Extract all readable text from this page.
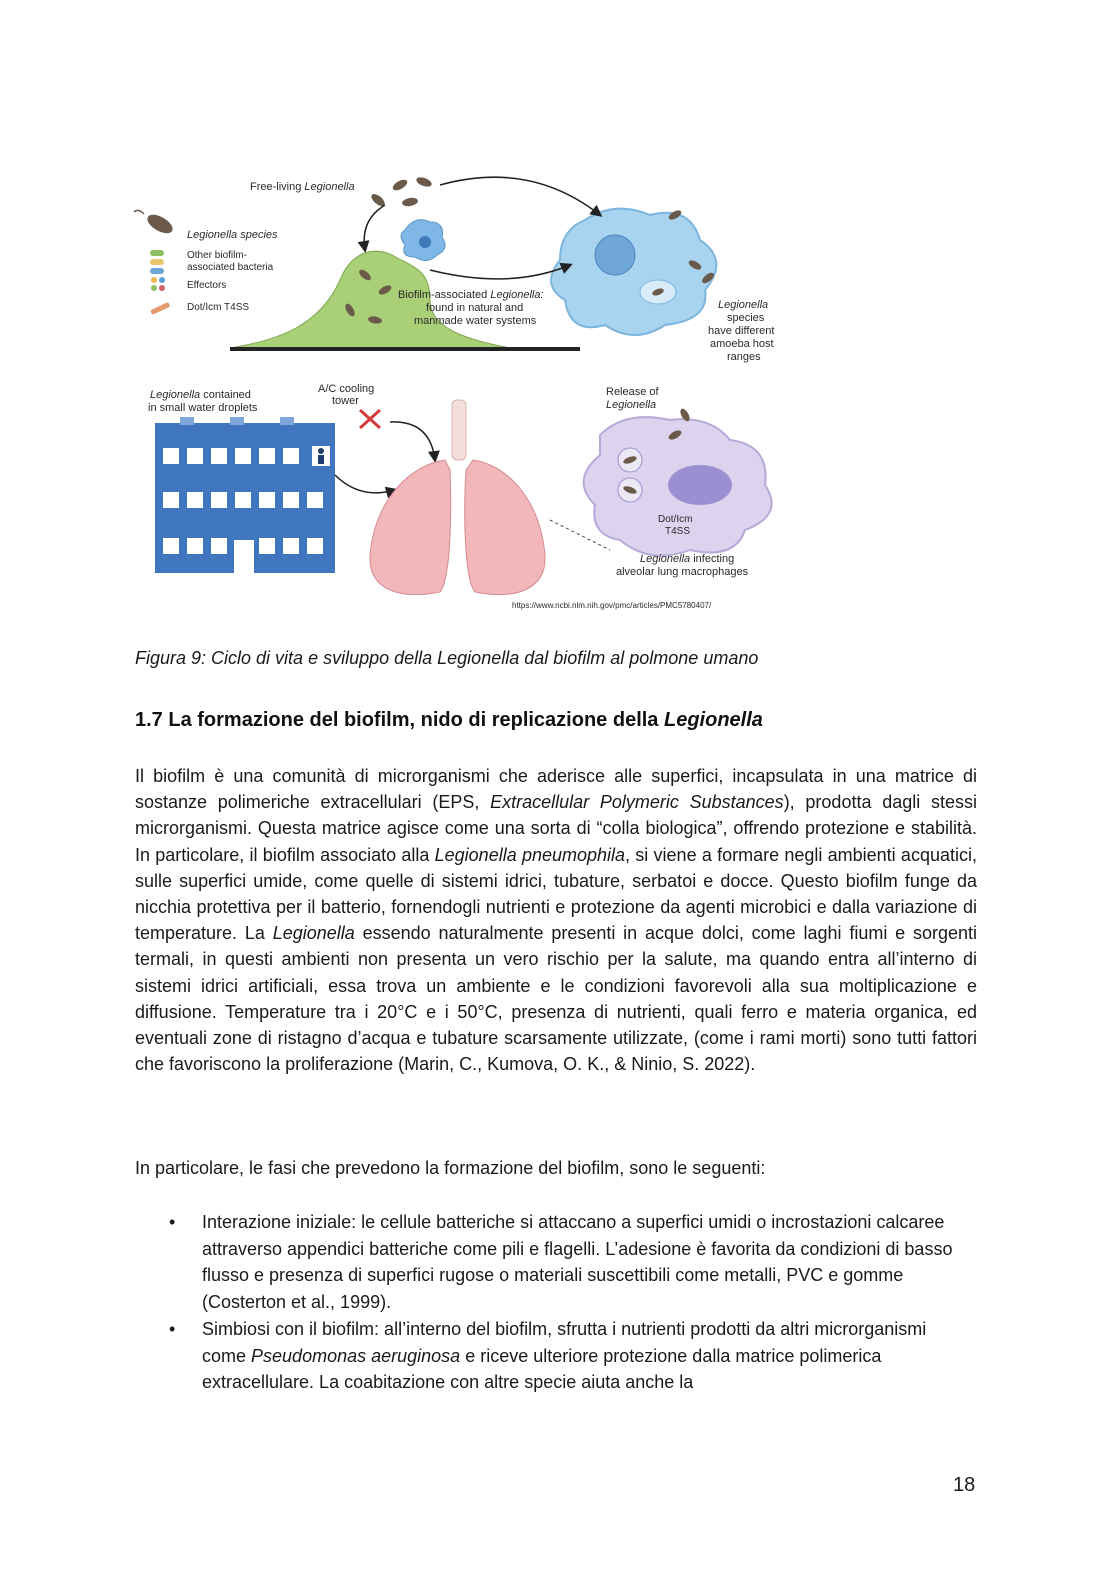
Legionella species
Other biofilm-
associated bacteria
Effectors
Dot/Icm T4SS
Free-living Legionella
Biofilm-associated Legionella:
found in natural and
manmade water systems
Legionella
species
have different
amoeba host
ranges
Legionella contained
in small water droplets
A/C cooling
tower
Release of
Legionella
Dot/Icm
T4SS
Legionella infecting
alveolar lung macrophages
https://www.ncbi.nlm.nih.gov/pmc/articles/PMC5780407/
Figura 9: Ciclo di vita e sviluppo della Legionella dal biofilm al polmone umano
1.7 La formazione del biofilm, nido di replicazione della Legionella
Il biofilm è una comunità di microrganismi che aderisce alle superfici, incapsulata in una matrice di sostanze polimeriche extracellulari (EPS, Extracellular Polymeric Substances), prodotta dagli stessi microrganismi. Questa matrice agisce come una sorta di “colla biologica”, offrendo protezione e stabilità. In particolare, il biofilm associato alla Legionella pneumophila, si viene a formare negli ambienti acquatici, sulle superfici umide, come quelle di sistemi idrici, tubature, serbatoi e docce. Questo biofilm funge da nicchia protettiva per il batterio, fornendogli nutrienti e protezione da agenti microbici e dalla variazione di temperature. La Legionella essendo naturalmente presenti in acque dolci, come laghi fiumi e sorgenti termali, in questi ambienti non presenta un vero rischio per la salute, ma quando entra all’interno di sistemi idrici artificiali, essa trova un ambiente e le condizioni favorevoli alla sua moltiplicazione e diffusione. Temperature tra i 20°C e i 50°C, presenza di nutrienti, quali ferro e materia organica, ed eventuali zone di ristagno d’acqua e tubature scarsamente utilizzate, (come i rami morti) sono tutti fattori che favoriscono la proliferazione (Marin, C., Kumova, O. K., & Ninio, S. 2022).
In particolare, le fasi che prevedono la formazione del biofilm, sono le seguenti:
• Interazione iniziale: le cellule batteriche si attaccano a superfici umidi o incrostazioni calcaree attraverso appendici batteriche come pili e flagelli. L’adesione è favorita da condizioni di basso flusso e presenza di superfici rugose o materiali suscettibili come metalli, PVC e gomme (Costerton et al., 1999).
• Simbiosi con il biofilm: all’interno del biofilm, sfrutta i nutrienti prodotti da altri microrganismi come Pseudomonas aeruginosa e riceve ulteriore protezione dalla matrice polimerica extracellulare. La coabitazione con altre specie aiuta anche la
18
